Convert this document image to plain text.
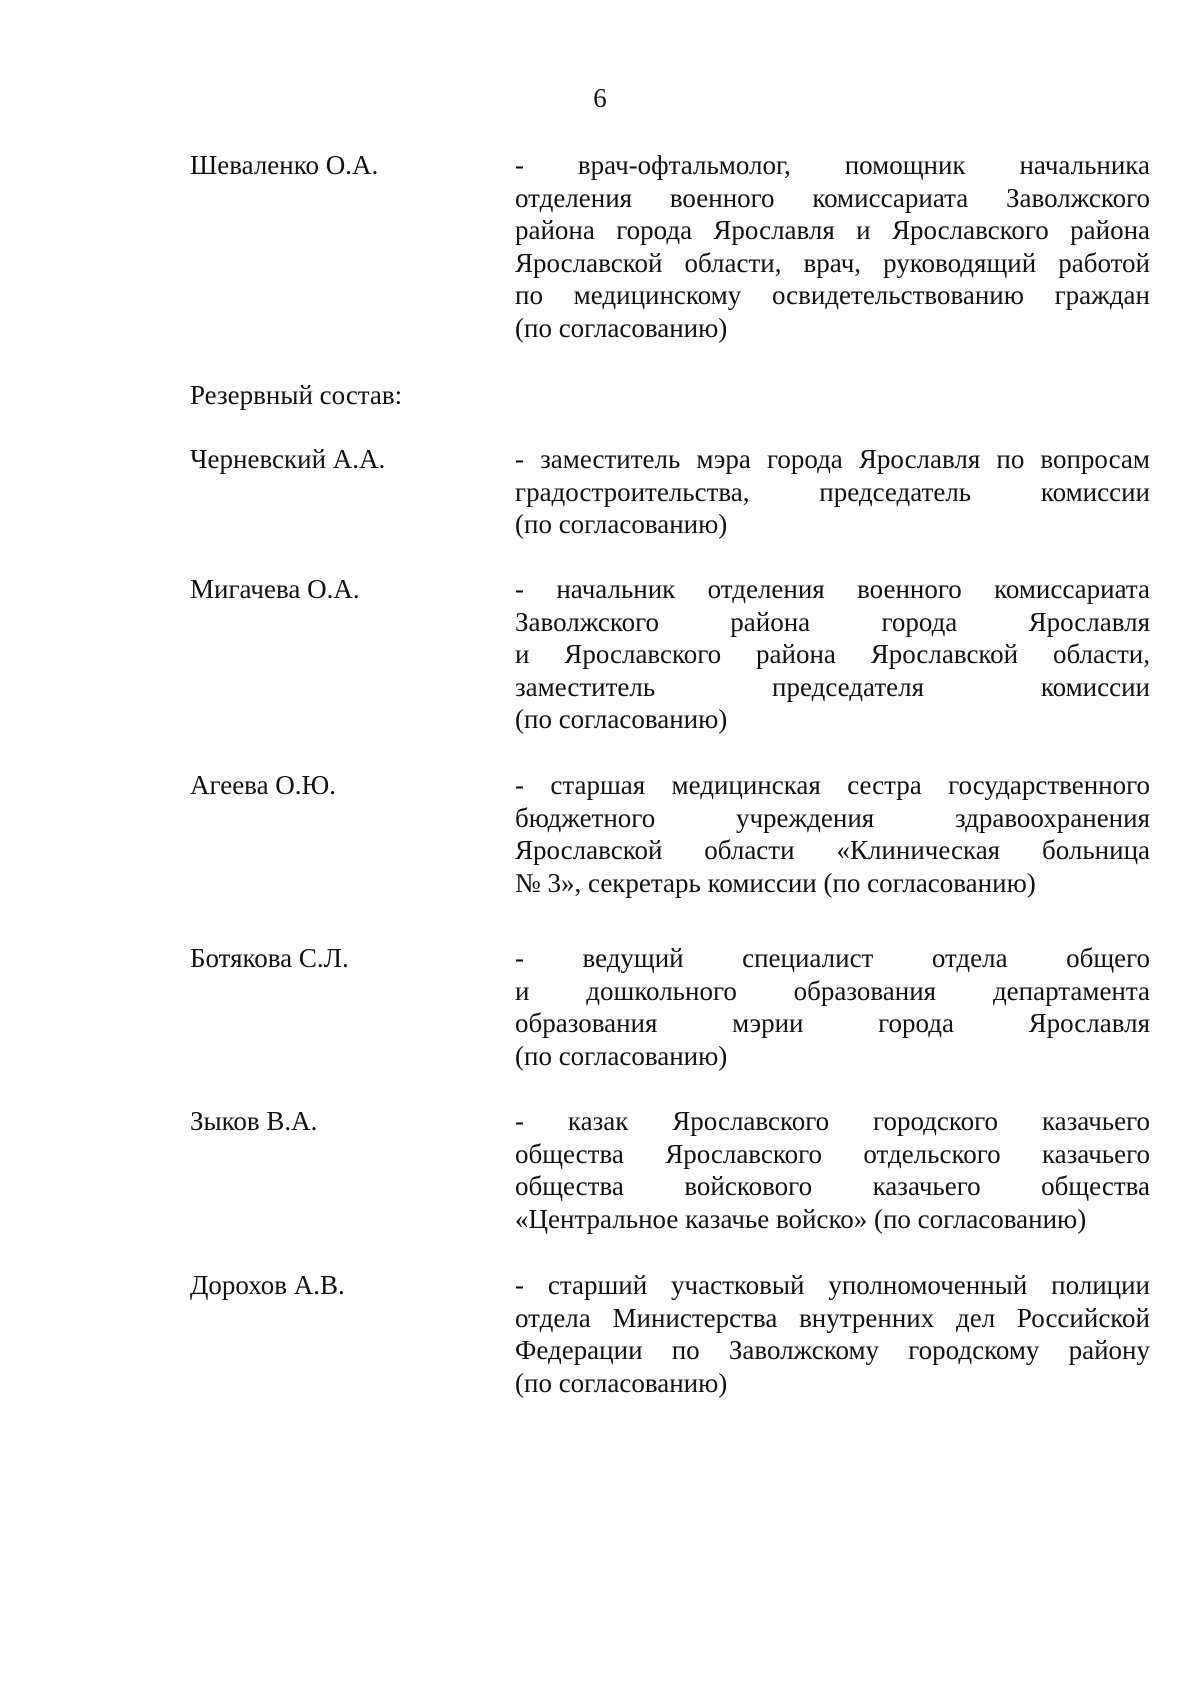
6
Шеваленко О.А.	- врач-офтальмолог, помощник начальника
отделения военного комиссариата Заволжского
района города Ярославля и Ярославского района
Ярославской области, врач, руководящий работой
по медицинскому освидетельствованию граждан
(по согласованию)
Резервный состав:
Черневский А.А.	- заместитель мэра города Ярославля по вопросам
градостроительства, председатель комиссии
(по согласованию)
Мигачева О.А.	- начальник отделения военного комиссариата
Заволжского района города Ярославля
и Ярославского района Ярославской области,
заместитель председателя комиссии
(по согласованию)
Агеева О.Ю.	- старшая медицинская сестра государственного
бюджетного учреждения здравоохранения
Ярославской области «Клиническая больница
№ 3», секретарь комиссии (по согласованию)
Ботякова С.Л.	- ведущий специалист отдела общего
и дошкольного образования департамента
образования мэрии города Ярославля
(по согласованию)
Зыков В.А.	- казак Ярославского городского казачьего
общества Ярославского отдельского казачьего
общества войскового казачьего общества
«Центральное казачье войско» (по согласованию)
Дорохов А.В.	- старший участковый уполномоченный полиции
отдела Министерства внутренних дел Российской
Федерации по Заволжскому городскому району
(по согласованию)
